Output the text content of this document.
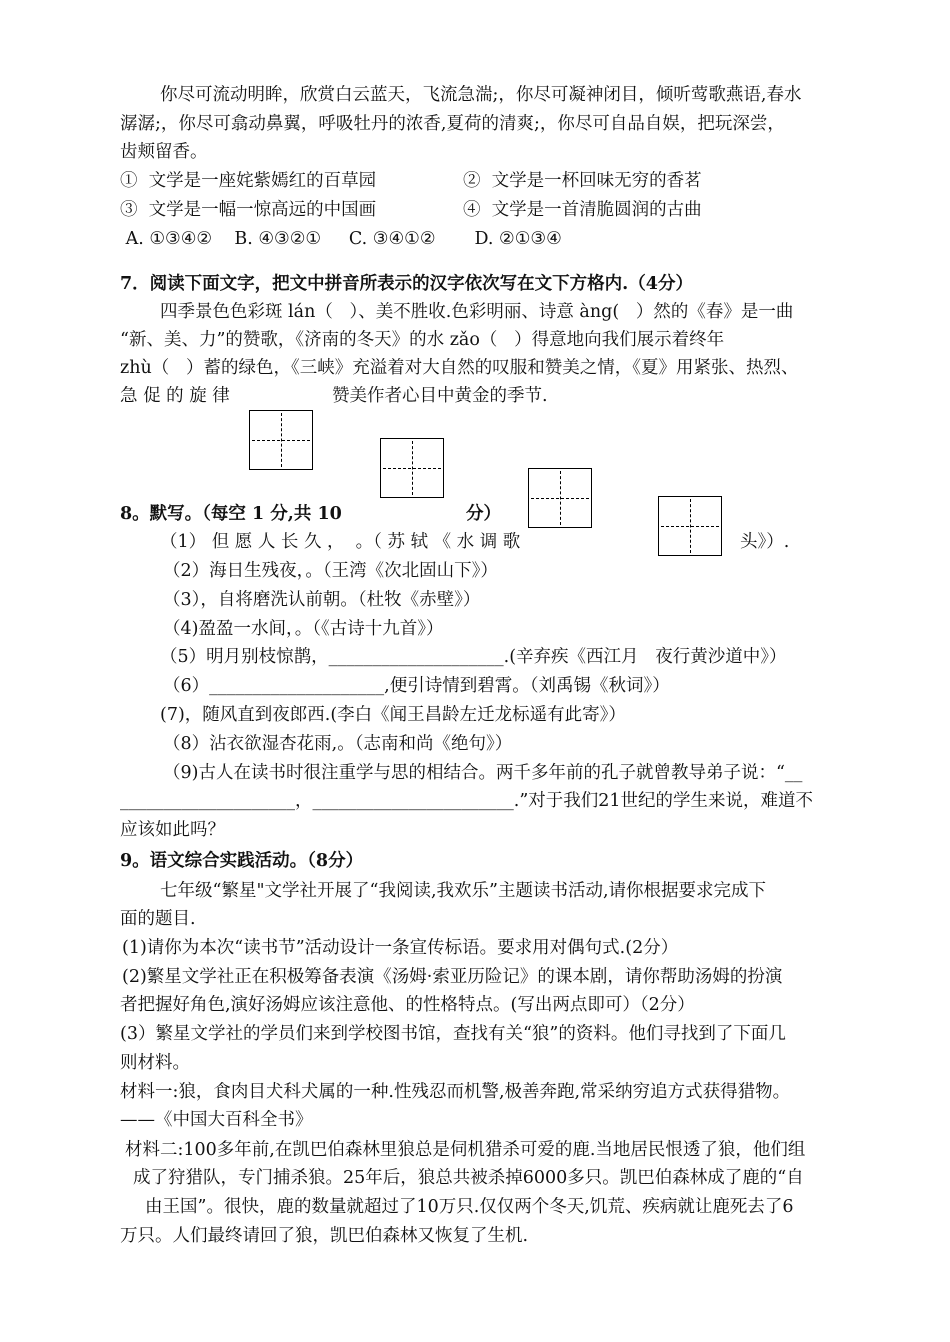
你尽可流动明眸，欣赏白云蓝天，飞流急湍;，你尽可凝神闭目，倾听莺歌燕语,春水
潺潺;，你尽可翕动鼻翼，呼吸牡丹的浓香,夏荷的清爽;，你尽可自品自娱，把玩深尝，
齿颊留香。
①  文学是一座姹紫嫣红的百草园	②  文学是一杯回味无穷的香茗
③  文学是一幅一惊高远的中国画	④  文学是一首清脆圆润的古曲
A. ①③④②    B. ④③②①     C. ③④①②       D. ②①③④
7．阅读下面文字，把文中拼音所表示的汉字依次写在文下方格内.（4分）
四季景色色彩斑 lán（   ）、美不胜收.色彩明丽、诗意 àng(   ）然的《春》是一曲
“新、美、力”的赞歌，《济南的冬天》的水 zǎo（   ）得意地向我们展示着终年
zhù（   ）蓄的绿色，《三峡》充溢着对大自然的叹服和赞美之情，《夏》用紧张、热烈、
急 促 的 旋 律	赞美作者心目中黄金的季节.
8。默写。（每空 1 分,共 10	分）
（1） 但 愿 人 长 久 ，  。（ 苏 轼 《 水 调 歌	头》）.
（2）海日生残夜，。（王湾《次北固山下》）
（3），自将磨洗认前朝。（杜牧《赤壁》）
（4)盈盈一水间，。（《古诗十九首》）
（5）明月别枝惊鹊，____________________.(辛弃疾《西江月   夜行黄沙道中》）
（6）____________________,便引诗情到碧霄。（刘禹锡《秋词》）
(7)，随风直到夜郎西.(李白《闻王昌龄左迁龙标遥有此寄》）
（8）沾衣欲湿杏花雨,。（志南和尚《绝句》）
（9)古人在读书时很注重学与思的相结合。两千多年前的孔子就曾教导弟子说：“__
____________________，_______________________.”对于我们21世纪的学生来说，难道不
应该如此吗？
9。语文综合实践活动。（8分）
七年级“繁星"文学社开展了“我阅读,我欢乐”主题读书活动,请你根据要求完成下
面的题目.
(1)请你为本次“读书节”活动设计一条宣传标语。要求用对偶句式.(2分）
(2)繁星文学社正在积极筹备表演《汤姆·索亚历险记》的课本剧，请你帮助汤姆的扮演
者把握好角色,演好汤姆应该注意他、的性格特点。(写出两点即可）（2分）
(3）繁星文学社的学员们来到学校图书馆，查找有关“狼”的资料。他们寻找到了下面几
则材料。
材料一:狼，食肉目犬科犬属的一种.性残忍而机警,极善奔跑,常采纳穷追方式获得猎物。
——《中国大百科全书》
材料二:100多年前,在凯巴伯森林里狼总是伺机猎杀可爱的鹿.当地居民恨透了狼，他们组
成了狩猎队，专门捕杀狼。25年后，狼总共被杀掉6000多只。凯巴伯森林成了鹿的“自
由王国”。很快，鹿的数量就超过了10万只.仅仅两个冬天,饥荒、疾病就让鹿死去了6
万只。人们最终请回了狼，凯巴伯森林又恢复了生机.
